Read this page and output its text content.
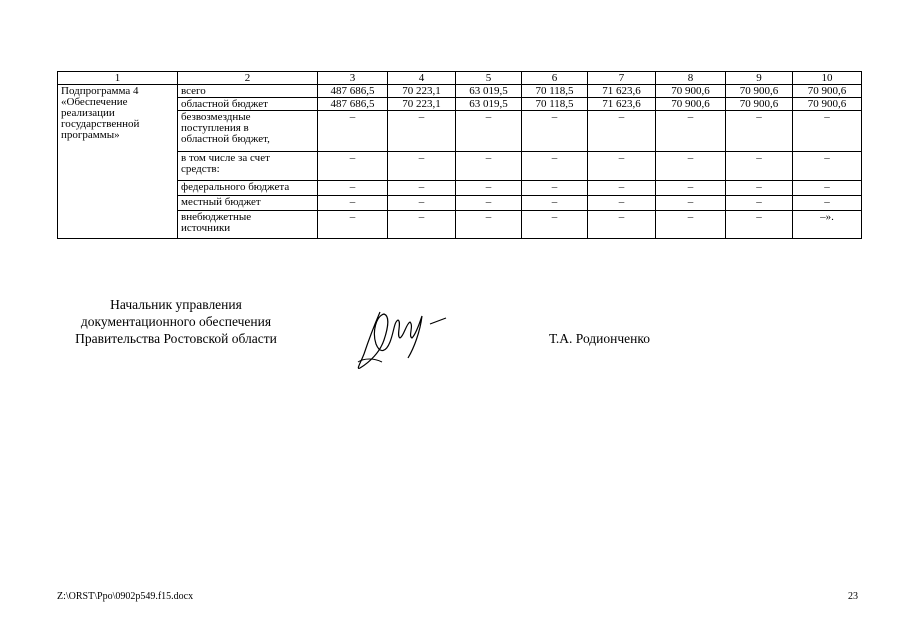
1	2	3	4	5	6	7	8	9	10
Подпрограмма 4
«Обеспечение
реализации
государственной
программы»	всего	487 686,5	70 223,1	63 019,5	70 118,5	71 623,6	70 900,6	70 900,6	70 900,6
	областной бюджет	487 686,5	70 223,1	63 019,5	70 118,5	71 623,6	70 900,6	70 900,6	70 900,6
	безвозмездные
поступления в
областной бюджет,	–	–	–	–	–	–	–	–
	в том числе за счет
средств:	–	–	–	–	–	–	–	–
	федерального бюджета	–	–	–	–	–	–	–	–
	местный бюджет	–	–	–	–	–	–	–	–
	внебюджетные
источники	–	–	–	–	–	–	–	–».
Начальник управления
документационного обеспечения
Правительства Ростовской области	Т.А. Родионченко
Z:\ORST\Ppo\0902p549.f15.docx	23
